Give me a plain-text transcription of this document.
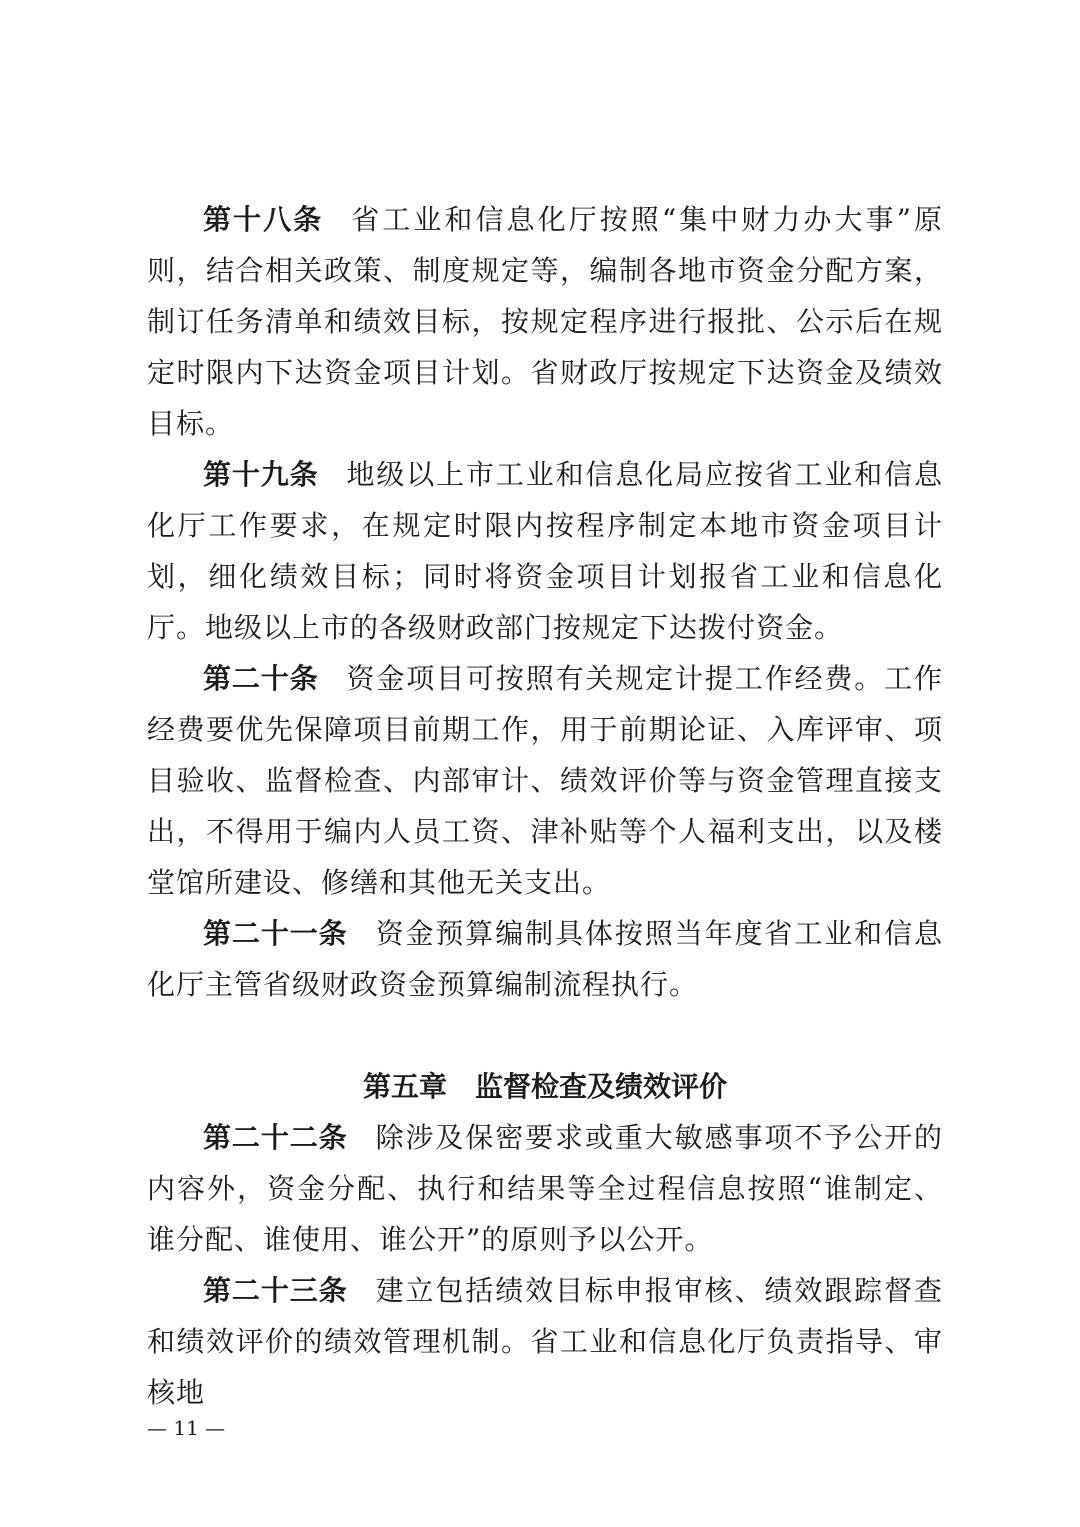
第十八条 省工业和信息化厅按照“集中财力办大事”原则，结合相关政策、制度规定等，编制各地市资金分配方案，制订任务清单和绩效目标，按规定程序进行报批、公示后在规定时限内下达资金项目计划。省财政厅按规定下达资金及绩效目标。

第十九条 地级以上市工业和信息化局应按省工业和信息化厅工作要求，在规定时限内按程序制定本地市资金项目计划，细化绩效目标；同时将资金项目计划报省工业和信息化厅。地级以上市的各级财政部门按规定下达拨付资金。

第二十条 资金项目可按照有关规定计提工作经费。工作经费要优先保障项目前期工作，用于前期论证、入库评审、项目验收、监督检查、内部审计、绩效评价等与资金管理直接支出，不得用于编内人员工资、津补贴等个人福利支出，以及楼堂馆所建设、修缮和其他无关支出。

第二十一条 资金预算编制具体按照当年度省工业和信息化厅主管省级财政资金预算编制流程执行。

第五章 监督检查及绩效评价

第二十二条 除涉及保密要求或重大敏感事项不予公开的内容外，资金分配、执行和结果等全过程信息按照“谁制定、谁分配、谁使用、谁公开”的原则予以公开。

第二十三条 建立包括绩效目标申报审核、绩效跟踪督查和绩效评价的绩效管理机制。省工业和信息化厅负责指导、审核地

— 11 —
